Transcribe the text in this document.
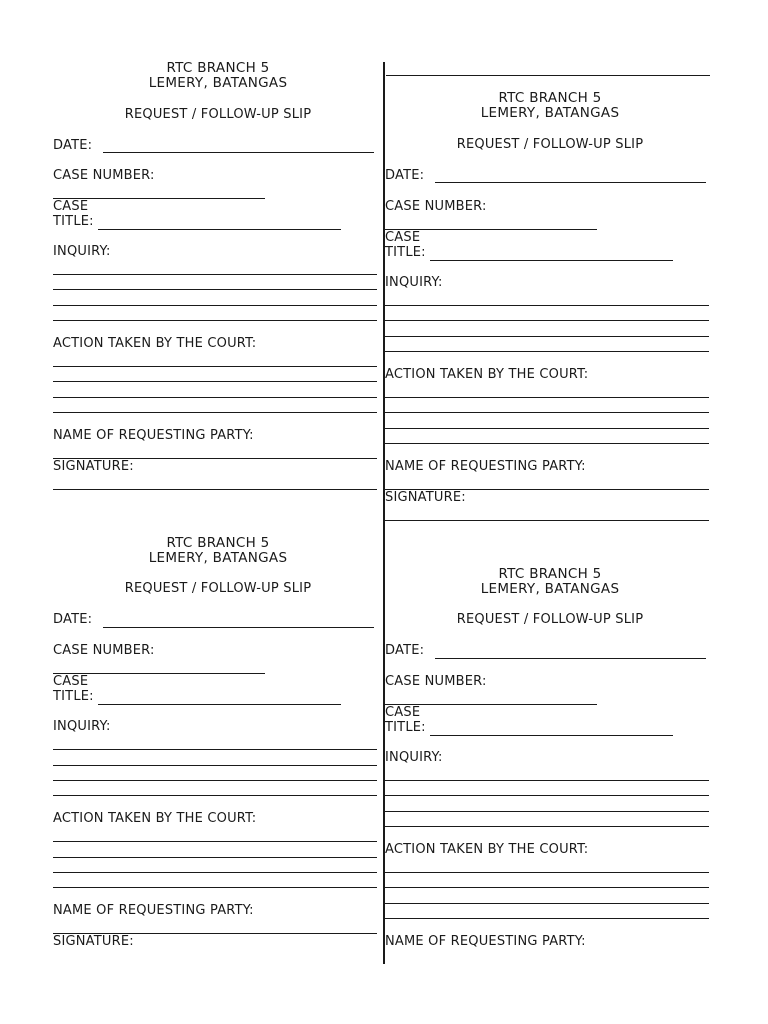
RTC BRANCH 5
LEMERY, BATANGAS
REQUEST / FOLLOW-UP SLIP
DATE:
CASE NUMBER:
CASE
TITLE:
INQUIRY:
ACTION TAKEN BY THE COURT:
NAME OF REQUESTING PARTY:
SIGNATURE:
RTC BRANCH 5
LEMERY, BATANGAS
REQUEST / FOLLOW-UP SLIP
DATE:
CASE NUMBER:
CASE
TITLE:
INQUIRY:
ACTION TAKEN BY THE COURT:
NAME OF REQUESTING PARTY:
SIGNATURE:
RTC BRANCH 5
LEMERY, BATANGAS
REQUEST / FOLLOW-UP SLIP
DATE:
CASE NUMBER:
CASE
TITLE:
INQUIRY:
ACTION TAKEN BY THE COURT:
NAME OF REQUESTING PARTY:
SIGNATURE:
RTC BRANCH 5
LEMERY, BATANGAS
REQUEST / FOLLOW-UP SLIP
DATE:
CASE NUMBER:
CASE
TITLE:
INQUIRY:
ACTION TAKEN BY THE COURT:
NAME OF REQUESTING PARTY:
